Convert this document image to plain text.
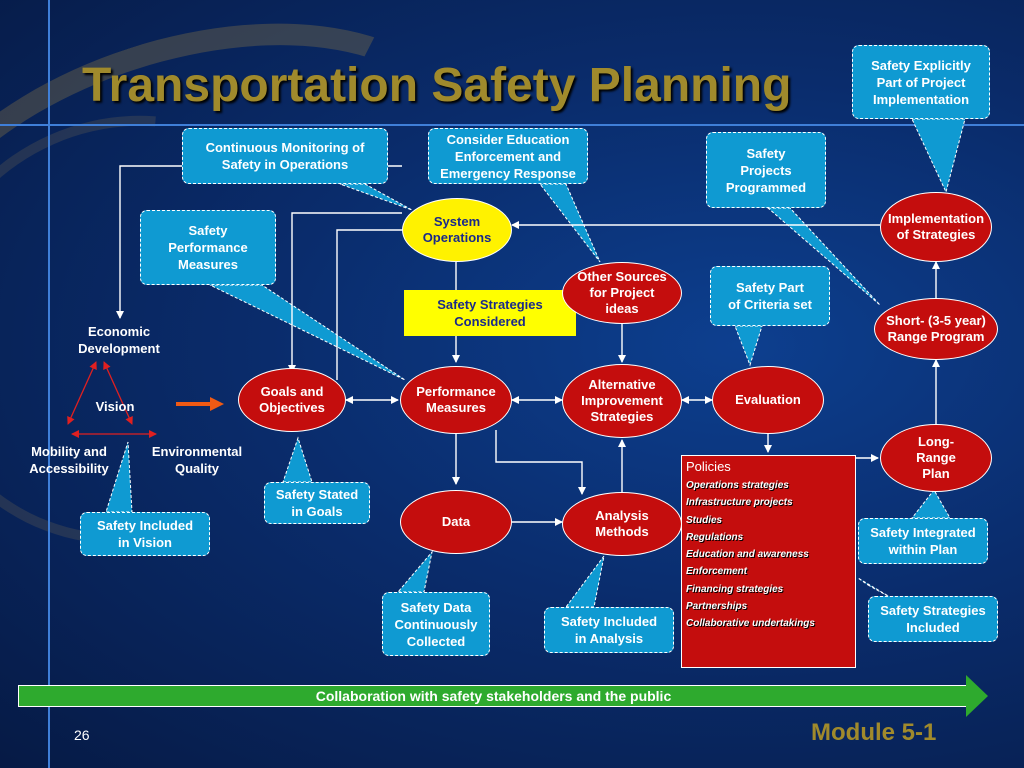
Transportation Safety Planning
System
Operations
Safety Strategies
Considered
Goals and
Objectives
Performance
Measures
Alternative
Improvement
Strategies
Evaluation
Other Sources
for Project
ideas
Implementation
of Strategies
Short- (3-5 year)
Range Program
Long-
Range
Plan
Data	Analysis
Methods
Continuous Monitoring of
Safety in Operations
Consider Education
Enforcement and
Emergency Response
Safety
Projects
Programmed
Safety Explicitly
Part of Project
Implementation
Safety
Performance
Measures
Safety Part
of Criteria set
Safety Stated
in Goals
Safety Included
in Vision
Safety Data
Continuously
Collected
Safety Included
in Analysis
Safety Integrated
within Plan
Safety Strategies
Included
Economic
Development
Vision
Mobility and
Accessibility
Environmental
Quality	Policies
Operations strategies
Infrastructure projects
Studies
Regulations
Education and awareness
Enforcement
Financing strategies
Partnerships
Collaborative undertakings
Collaboration with safety stakeholders and the public
26	Module 5-1
